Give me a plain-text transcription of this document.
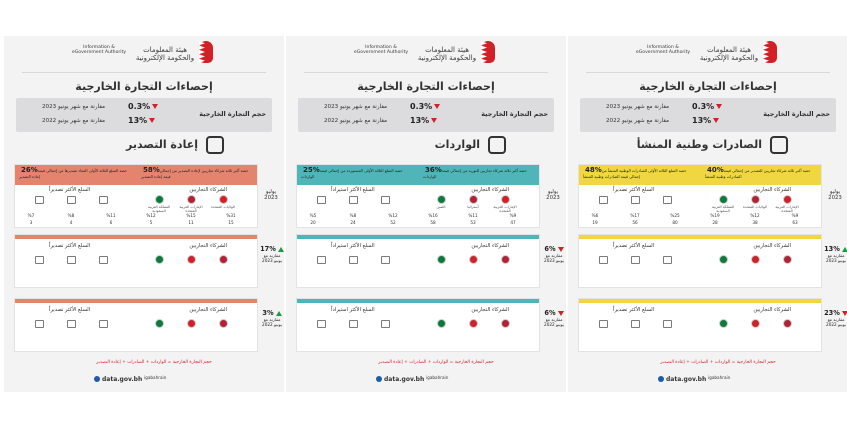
هيئة المعلومات والحكومة الإلكترونية
Information & eGovernment Authority
إحصاءات التجارة الخارجية
حجم التجارة الخارجية
0.3%
13%
مقارنة مع شهر يونيو 2023
مقارنة مع شهر يونيو 2022
الصادرات وطنية المنشأ
40%حصة أكبر ثلاثة شركاء تجاريين للتصدير من إجمالي قيمة الصادرات وطنية المنشأ
48%حصة السلع الثلاثة الأولى للصادرات الوطنية المنشأ من إجمالي قيمة الصادرات وطنية المنشأ
يوليو 2023
الشركاء التجاريين
السلع الأكثر تصديراً
المملكة العربية السعودية
الولايات المتحدة	الإمارات العربية المتحدة
%6	%17	%25	%19	%12	%9
19	56	80	28	38	63
الشركاء التجاريين
السلع الأكثر تصديراً	13%
مقارنة مع
يونيو 2023
الشركاء التجاريين
السلع الأكثر تصديراً	23%
مقارنة مع
يونيو 2022
حجم التجارة الخارجية = الواردات + الصادرات + إعادة التصدير
data.gov.bh igabahrain
هيئة المعلومات والحكومة الإلكترونية
Information & eGovernment Authority
إحصاءات التجارة الخارجية
حجم التجارة الخارجية
0.3%
13%
مقارنة مع شهر يونيو 2023
مقارنة مع شهر يونيو 2022
الواردات
36%حصة أكبر ثلاثة شركاء تجاريين للتوريد من إجمالي قيمة الواردات
25%حصة السلع الثلاثة الأولى المستوردة من إجمالي قيمة الواردات
يوليو 2023
الشركاء التجاريين
السلع الأكثر استيراداً
الصين	أستراليا	الإمارات العربية المتحدة
%5	%8	%12	%16	%11	%9
20	24	52	58	53	47
الشركاء التجاريين
السلع الأكثر استيراداً	6%
مقارنة مع
يونيو 2023
الشركاء التجاريين
السلع الأكثر استيراداً	6%
مقارنة مع
يونيو 2022
حجم التجارة الخارجية = الواردات + الصادرات + إعادة التصدير
data.gov.bh igabahrain
هيئة المعلومات والحكومة الإلكترونية
Information & eGovernment Authority
إحصاءات التجارة الخارجية
حجم التجارة الخارجية
0.3%
13%
مقارنة مع شهر يونيو 2023
مقارنة مع شهر يونيو 2022
إعادة التصدير
58%حصة أكبر ثلاثة شركاء تجاريين لإعادة التصدير من إجمالي قيمة إعادة التصدير
26%حصة السلع الثلاثة الأولى المعاد تصديرها من إجمالي قيمة إعادة التصدير
يوليو 2023
الشركاء التجاريين
السلع الأكثر تصديراً
المملكة العربية السعودية
الإمارات العربية المتحدة
الولايات المتحدة
%7	%8	%11	%12	%15	%31
3	4	6	5	11	15
الشركاء التجاريين
السلع الأكثر تصديراً	17%
مقارنة مع
يونيو 2023
الشركاء التجاريين
السلع الأكثر تصديراً	3%
مقارنة مع
يونيو 2022
حجم التجارة الخارجية = الواردات + الصادرات + إعادة التصدير
data.gov.bh igabahrain
